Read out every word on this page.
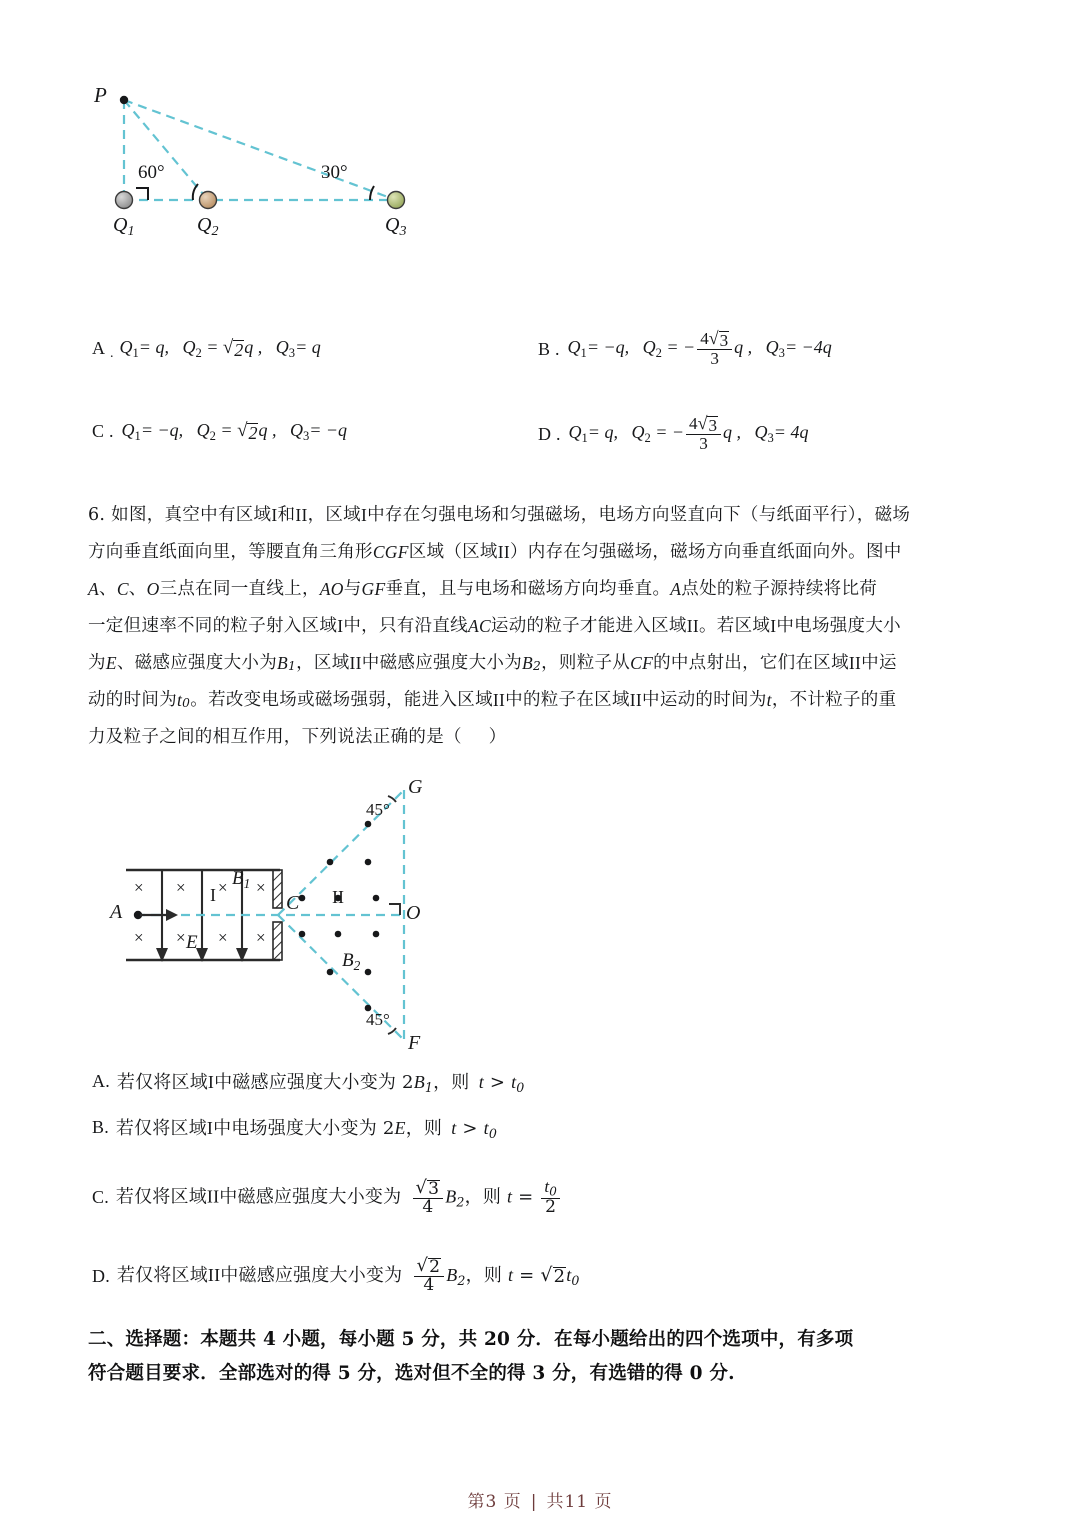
P
60°	30°
$Q_1$	$Q_2$	$Q_3$
A . $Q_1= q$,  $Q_2$ = √ 2 q ,  $Q_3= q$	B . $Q_1= -q$,  $Q_2$ = − $\frac{4 √ 3}{3}$ q ,  $Q_3= -4q$
C . $Q_1= -q$,  $Q_2$ = √ 2 q ,  $Q_3= -q$	D . $Q_1= q$,  $Q_2$ = − $\frac{4 √ 3}{3}$ q ,  $Q_3= 4q$
6. 如图，真空中有区域 I 和 II ，区域 I 中存在匀强电场和匀强磁场，电场方向竖直向下（与纸面平行），磁场
方向垂直纸面向里，等腰直角三角形 CGF 区域（区域 II ）内存在匀强磁场，磁场方向垂直纸面向外。图中
A 、 C 、 O 三点在同一直线上， AO 与 GF 垂直，且与电场和磁场方向均垂直。 A 点处的粒子源持续将比荷
一定但速率不同的粒子射入区域 I 中，只有沿直线 AC 运动的粒子才能进入区域 II 。若区域 I 中电场强度大小
为 E 、磁感应强度大小为 B 1 ，区域 II 中磁感应强度大小为 B 2 ，则粒子从 CF 的中点射出，它们在区域 II 中运
动的时间为 t 0 。若改变电场或磁场强弱，能进入区域 II 中的粒子在区域 II 中运动的时间为 t ，不计粒子的重
力及粒子之间的相互作用，下列说法正确的是（  ）
× × × ×
× × × ×
A	C	O
G
F
I	II
$B_1$
$B_2$
E
45°
45°
A. 若仅将区域I中磁感应强度大小变为 $2B_1$，则 $t > t_0$
B. 若仅将区域I中电场强度大小变为 2E，则 $t > t_0$
C. 若仅将区域II中磁感应强度大小变为  $\frac{√ 3}{4} B_2$，则 $t = \frac{t_0}{2}$
D. 若仅将区域II中磁感应强度大小变为  $\frac{√ 2}{4} B_2$，则 t = √ 2 $t_0$
二、选择题：本题共 4 小题，每小题 5 分，共 20 分．在每小题给出的四个选项中，有多项
符合题目要求．全部选对的得 5 分，选对但不全的得 3 分，有选错的得 0 分.
第3 页 | 共11 页
